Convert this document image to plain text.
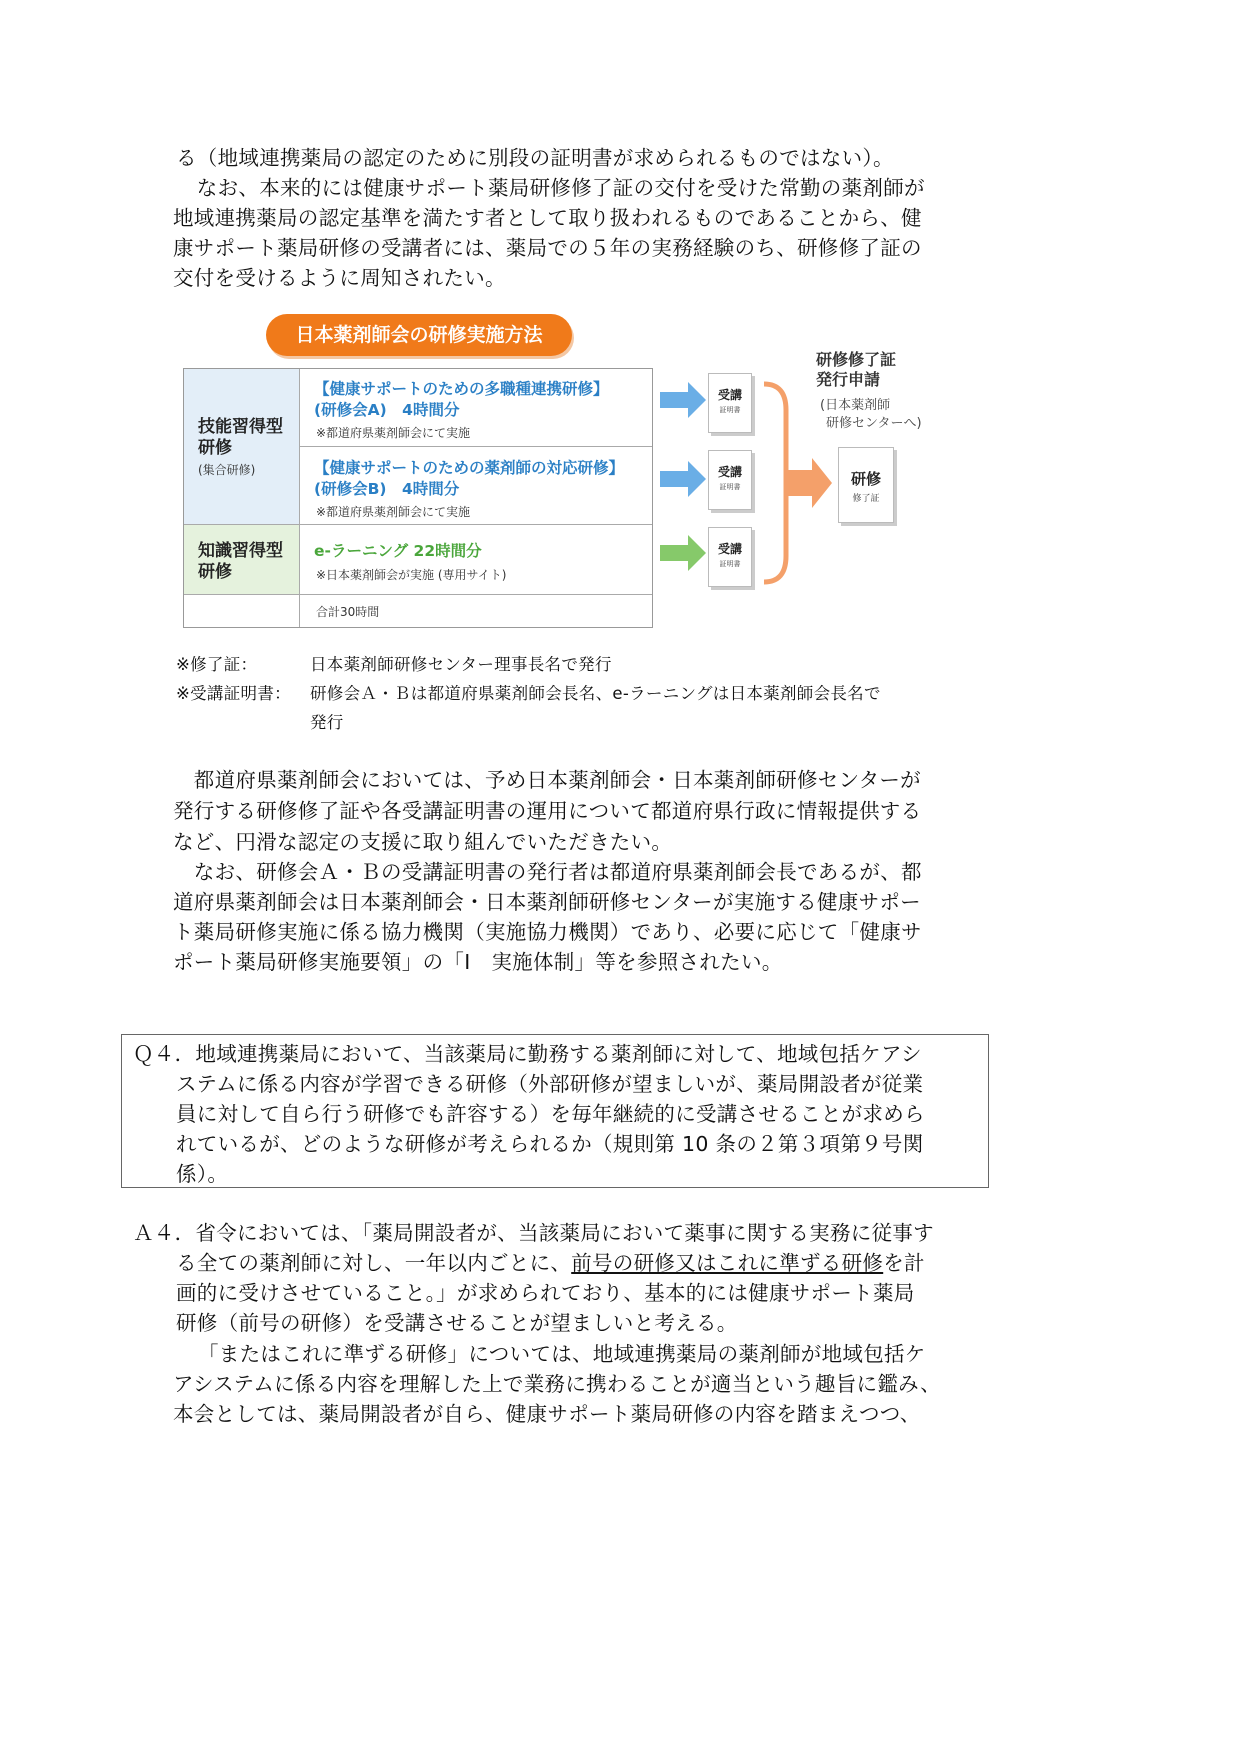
る（地域連携薬局の認定のために別段の証明書が求められるものではない）。
　なお、本来的には健康サポート薬局研修修了証の交付を受けた常勤の薬剤師が
地域連携薬局の認定基準を満たす者として取り扱われるものであることから、健
康サポート薬局研修の受講者には、薬局での５年の実務経験のち、研修修了証の
交付を受けるように周知されたい。
日本薬剤師会の研修実施方法
技能習得型
研修
(集合研修)
【健康サポートのための多職種連携研修】
(研修会A)　4時間分
※都道府県薬剤師会にて実施
【健康サポートのための薬剤師の対応研修】
(研修会B)　4時間分
※都道府県薬剤師会にて実施
知識習得型
研修
e-ラーニング 22時間分
※日本薬剤師会が実施 (専用サイト)
合計30時間
受講
証明書
受講
証明書
受講
証明書
研修修了証
発行申請
(日本薬剤師
研修センターへ)
研修
修了証
※修了証：	日本薬剤師研修センター理事長名で発行
※受講証明書： 研修会Ａ・Ｂは都道府県薬剤師会長名、e-ラーニングは日本薬剤師会長名で
発行
　都道府県薬剤師会においては、予め日本薬剤師会・日本薬剤師研修センターが
発行する研修修了証や各受講証明書の運用について都道府県行政に情報提供する
など、円滑な認定の支援に取り組んでいただきたい。
　なお、研修会Ａ・Ｂの受講証明書の発行者は都道府県薬剤師会長であるが、都
道府県薬剤師会は日本薬剤師会・日本薬剤師研修センターが実施する健康サポー
ト薬局研修実施に係る協力機関（実施協力機関）であり、必要に応じて「健康サ
ポート薬局研修実施要領」の「Ⅰ　実施体制」等を参照されたい。
Ｑ４．地域連携薬局において、当該薬局に勤務する薬剤師に対して、地域包括ケアシ
ステムに係る内容が学習できる研修（外部研修が望ましいが、薬局開設者が従業
員に対して自ら行う研修でも許容する）を毎年継続的に受講させることが求めら
れているが、どのような研修が考えられるか（規則第 10 条の２第３項第９号関
係）。
Ａ４．省令においては、「薬局開設者が、当該薬局において薬事に関する実務に従事す
る全ての薬剤師に対し、一年以内ごとに、前号の研修又はこれに準ずる研修を計
画的に受けさせていること。」が求められており、基本的には健康サポート薬局
研修（前号の研修）を受講させることが望ましいと考える。
「またはこれに準ずる研修」については、地域連携薬局の薬剤師が地域包括ケ
アシステムに係る内容を理解した上で業務に携わることが適当という趣旨に鑑み、
本会としては、薬局開設者が自ら、健康サポート薬局研修の内容を踏まえつつ、
